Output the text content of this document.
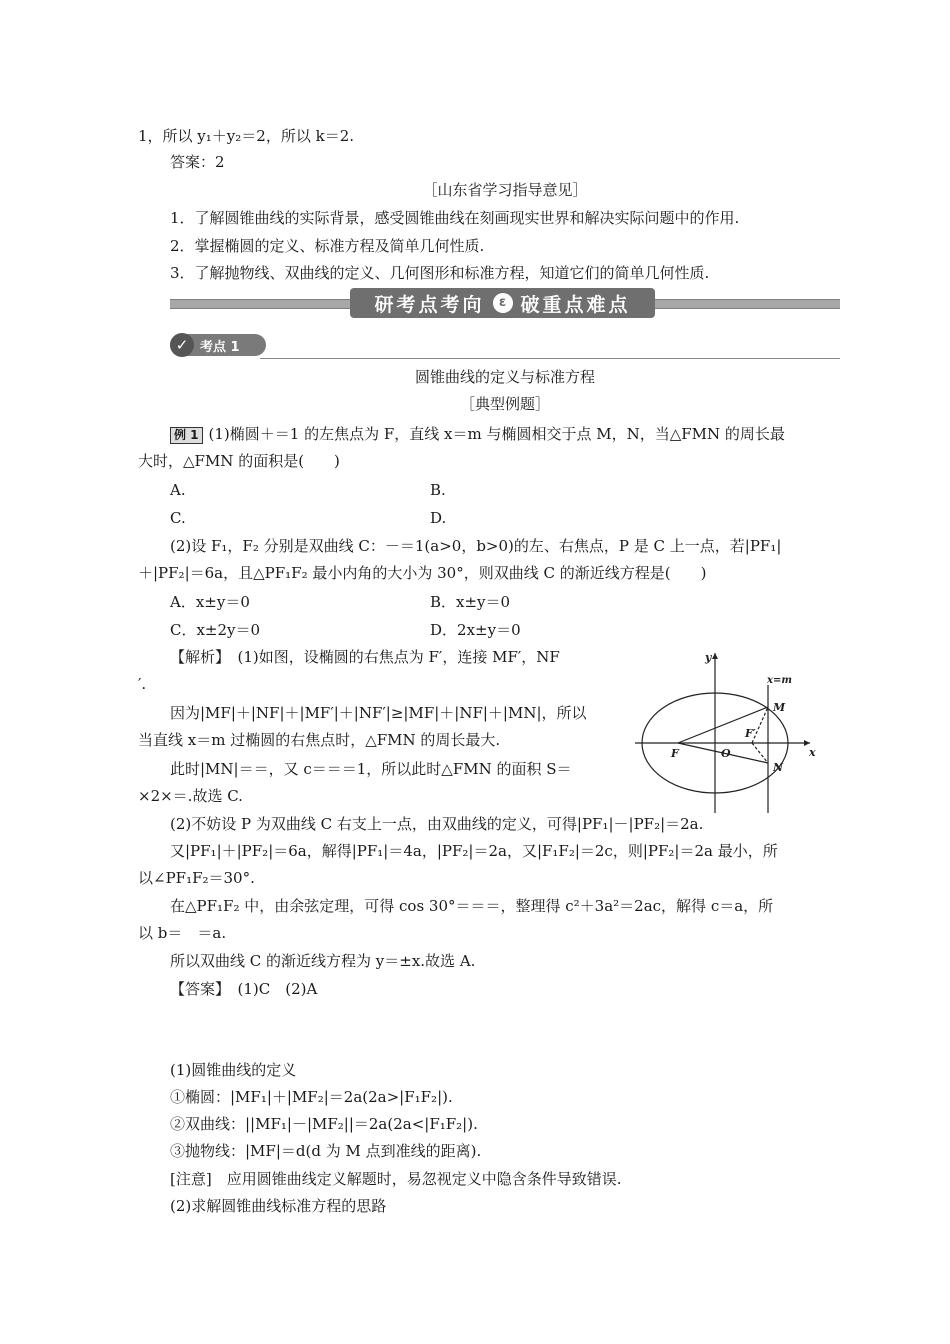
1，所以 y₁＋y₂＝2，所以 k＝2.
答案：2
［山东省学习指导意见］
1．了解圆锥曲线的实际背景，感受圆锥曲线在刻画现实世界和解决实际问题中的作用.
2．掌握椭圆的定义、标准方程及简单几何性质.
3．了解抛物线、双曲线的定义、几何图形和标准方程，知道它们的简单几何性质.
研考点考向	ε 破重点难点
考点 1
✓
圆锥曲线的定义与标准方程
［典型例题］
例 1 (1)椭圆＋＝1 的左焦点为 F，直线 x＝m 与椭圆相交于点 M，N，当△FMN 的周长最
大时，△FMN 的面积是(　　)
A.	B.
C.	D.
(2)设 F₁，F₂ 分别是双曲线 C：－＝1(a>0，b>0)的左、右焦点，P 是 C 上一点，若|PF₁|
＋|PF₂|＝6a，且△PF₁F₂ 最小内角的大小为 30°，则双曲线 C 的渐近线方程是(　　)
A．x±y＝0	B．x±y＝0
C．x±2y＝0	D．2x±y＝0
【解析】　(1)如图，设椭圆的右焦点为 F′，连接 MF′，NF
′.
因为|MF|＋|NF|＋|MF′|＋|NF′|≥|MF|＋|NF|＋|MN|，所以
当直线 x＝m 过椭圆的右焦点时，△FMN 的周长最大.
此时|MN|＝＝，又 c＝＝＝1，所以此时△FMN 的面积 S＝
×2×＝.故选 C.
(2)不妨设 P 为双曲线 C 右支上一点，由双曲线的定义，可得|PF₁|－|PF₂|＝2a.
又|PF₁|＋|PF₂|＝6a，解得|PF₁|＝4a，|PF₂|＝2a，又|F₁F₂|＝2c，则|PF₂|＝2a 最小，所
以∠PF₁F₂＝30°.
在△PF₁F₂ 中，由余弦定理，可得 cos 30°＝＝＝，整理得 c²＋3a²＝2ac，解得 c＝a，所
以 b＝　＝a.
所以双曲线 C 的渐近线方程为 y＝±x.故选 A.
【答案】　(1)C　(2)A
(1)圆锥曲线的定义
①椭圆：|MF₁|＋|MF₂|＝2a(2a>|F₁F₂|).
②双曲线：||MF₁|－|MF₂||＝2a(2a<|F₁F₂|).
③抛物线：|MF|＝d(d 为 M 点到准线的距离).
[注意]　应用圆锥曲线定义解题时，易忽视定义中隐含条件导致错误.
(2)求解圆锥曲线标准方程的思路
y
x
x=m
M
N
F
F′
O
